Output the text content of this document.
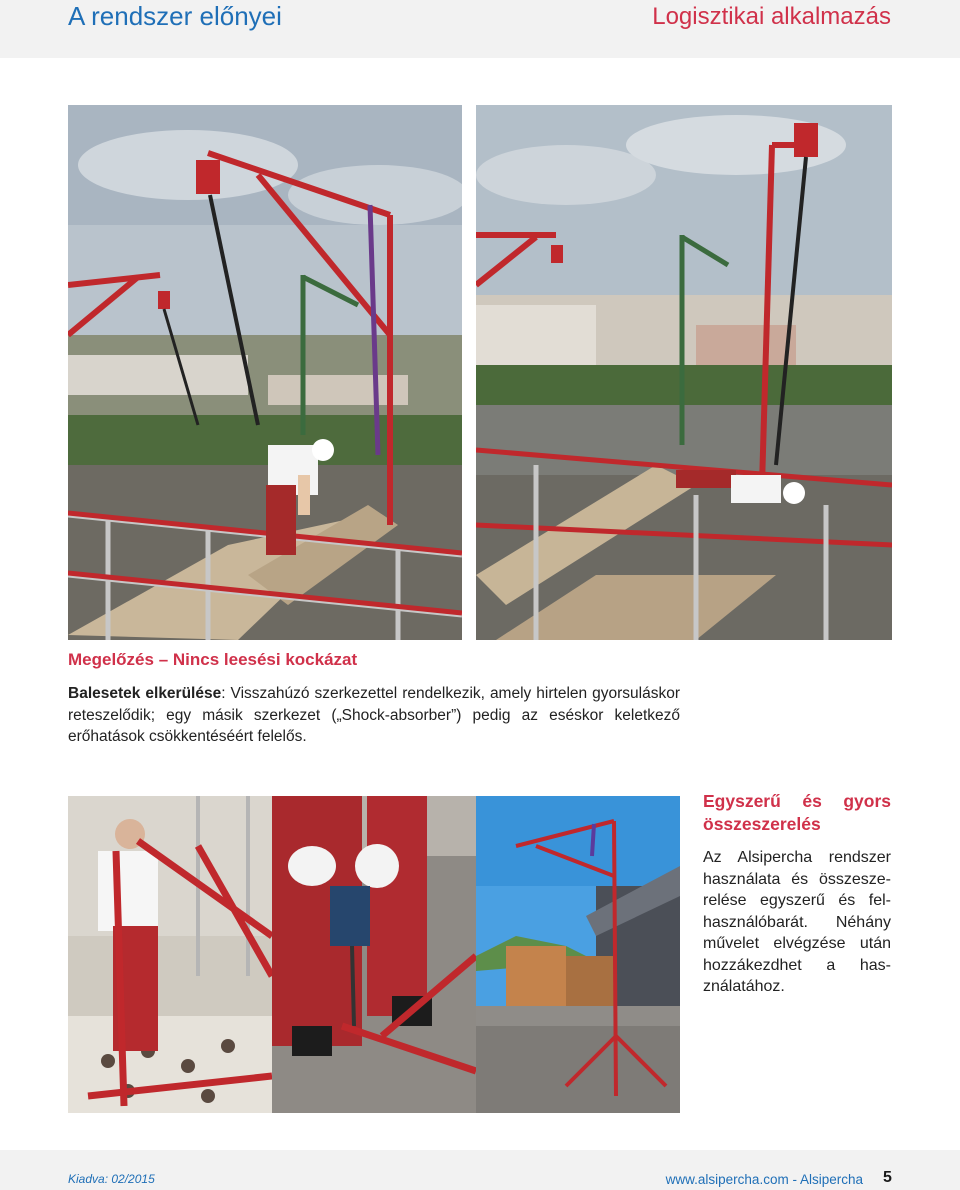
A rendszer előnyei	Logisztikai alkalmazás
Megelőzés – Nincs leesési kockázat
Balesetek elkerülése: Visszahúzó szerkezettel rendelkezik, amely hirtelen gyorsuláskor reteszelődik; egy másik szerkezet („Shock-absorber”) pedig az eséskor keletkező erőhatások csökkentéséért felelős.
Egyszerű és gyors összeszerelés
Az Alsipercha rendszer használata és összeszerelése egyszerű és felhasználóbarát. Néhány művelet elvégzése után hozzákezdhet a használatához.
Kiadva: 02/2015	www.alsipercha.com - Alsipercha 5
